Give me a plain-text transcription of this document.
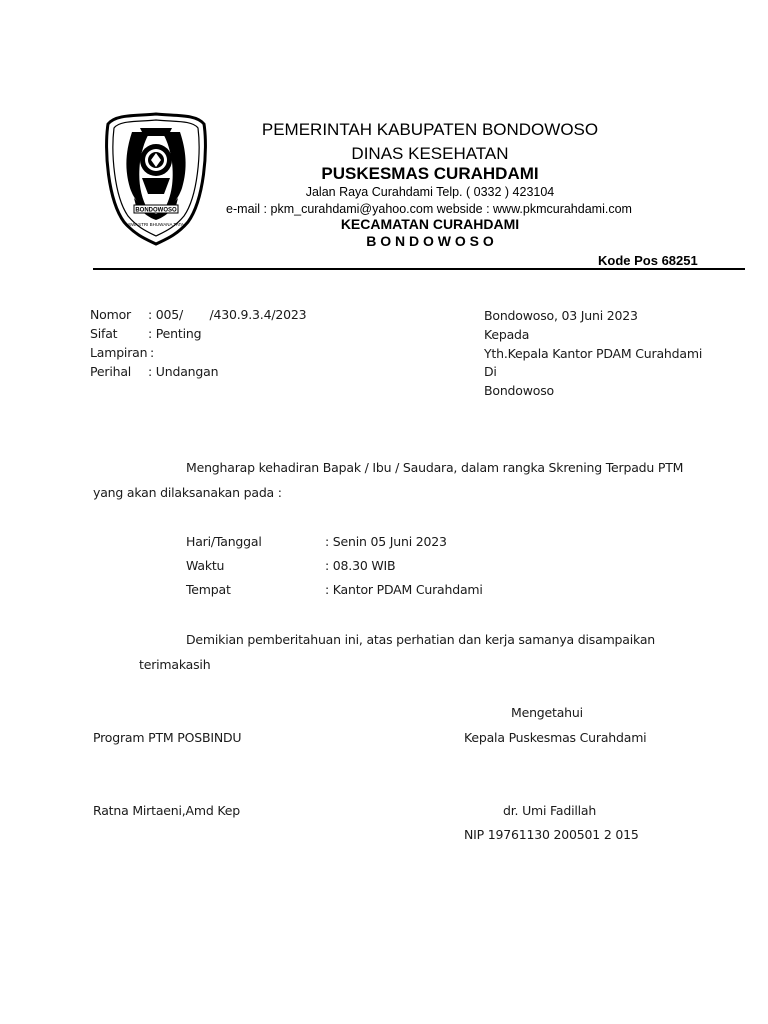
BONDOWOSO
SWASTRI BHUWANA TATA
PEMERINTAH KABUPATEN BONDOWOSO
DINAS KESEHATAN
PUSKESMAS CURAHDAMI
Jalan Raya Curahdami Telp. ( 0332 ) 423104
e-mail : pkm_curahdami@yahoo.com webside : www.pkmcurahdami.com
KECAMATAN CURAHDAMI
B O N D O W O S O
Kode Pos 68251
Nomor : 005/       /430.9.3.4/2023
Sifat : Penting
Lampiran :
Perihal : Undangan
Bondowoso, 03 Juni 2023
Kepada
Yth.Kepala Kantor PDAM Curahdami
Di
Bondowoso
Mengharap kehadiran Bapak / Ibu / Saudara, dalam rangka Skrening Terpadu PTM
yang akan dilaksanakan pada :
Hari/Tanggal	: Senin 05 Juni 2023
Waktu	: 08.30 WIB
Tempat	: Kantor PDAM Curahdami
Demikian pemberitahuan ini, atas perhatian dan kerja samanya disampaikan
terimakasih
Mengetahui
Program PTM POSBINDU	Kepala Puskesmas Curahdami
Ratna Mirtaeni,Amd Kep	dr. Umi Fadillah
NIP 19761130 200501 2 015
